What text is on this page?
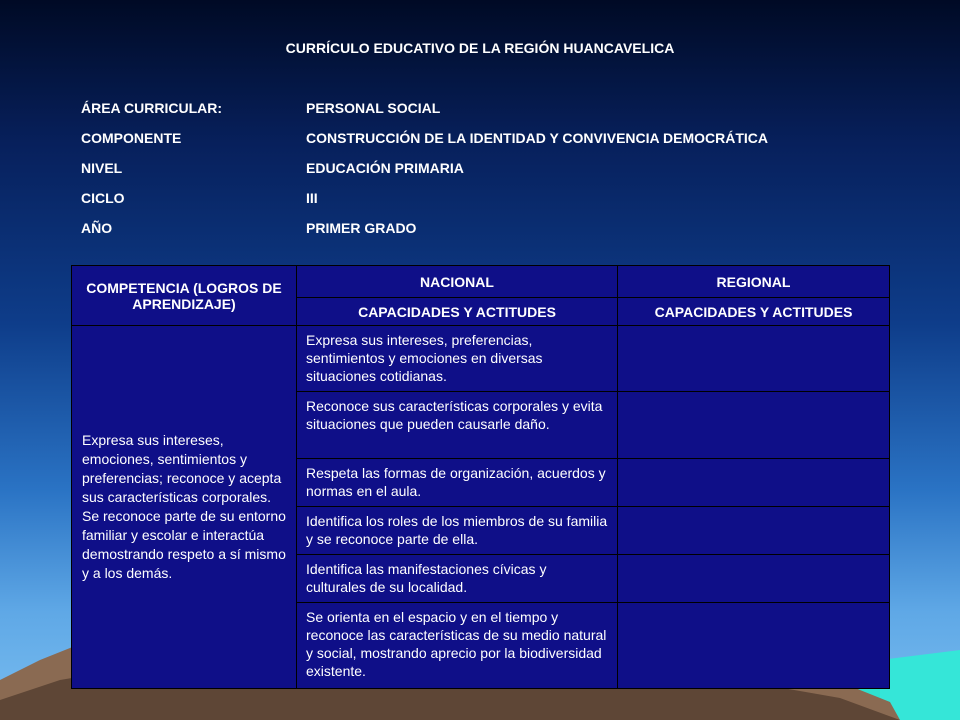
CURRÍCULO EDUCATIVO DE LA REGIÓN HUANCAVELICA
ÁREA CURRICULAR:	PERSONAL SOCIAL
COMPONENTE	CONSTRUCCIÓN DE LA IDENTIDAD Y CONVIVENCIA DEMOCRÁTICA
NIVEL	EDUCACIÓN PRIMARIA
CICLO	III
AÑO	PRIMER GRADO
COMPETENCIA (LOGROS DE APRENDIZAJE)	NACIONAL	REGIONAL
	CAPACIDADES Y ACTITUDES	CAPACIDADES Y ACTITUDES
Expresa sus intereses, emociones, sentimientos y preferencias; reconoce y acepta sus características corporales. Se reconoce parte de su entorno familiar y escolar e interactúa demostrando respeto a sí mismo y a los demás.	Expresa sus intereses, preferencias, sentimientos y emociones en diversas situaciones cotidianas.	
	Reconoce sus características corporales y evita situaciones que pueden causarle daño.	
	Respeta las formas de organización, acuerdos y normas en el aula.	
	Identifica los roles de los miembros de su familia y se reconoce parte de ella.	
	Identifica las manifestaciones cívicas y culturales de su localidad.	
	Se orienta en el espacio y en el tiempo y reconoce las características de su medio natural y social, mostrando aprecio por la biodiversidad existente.	
